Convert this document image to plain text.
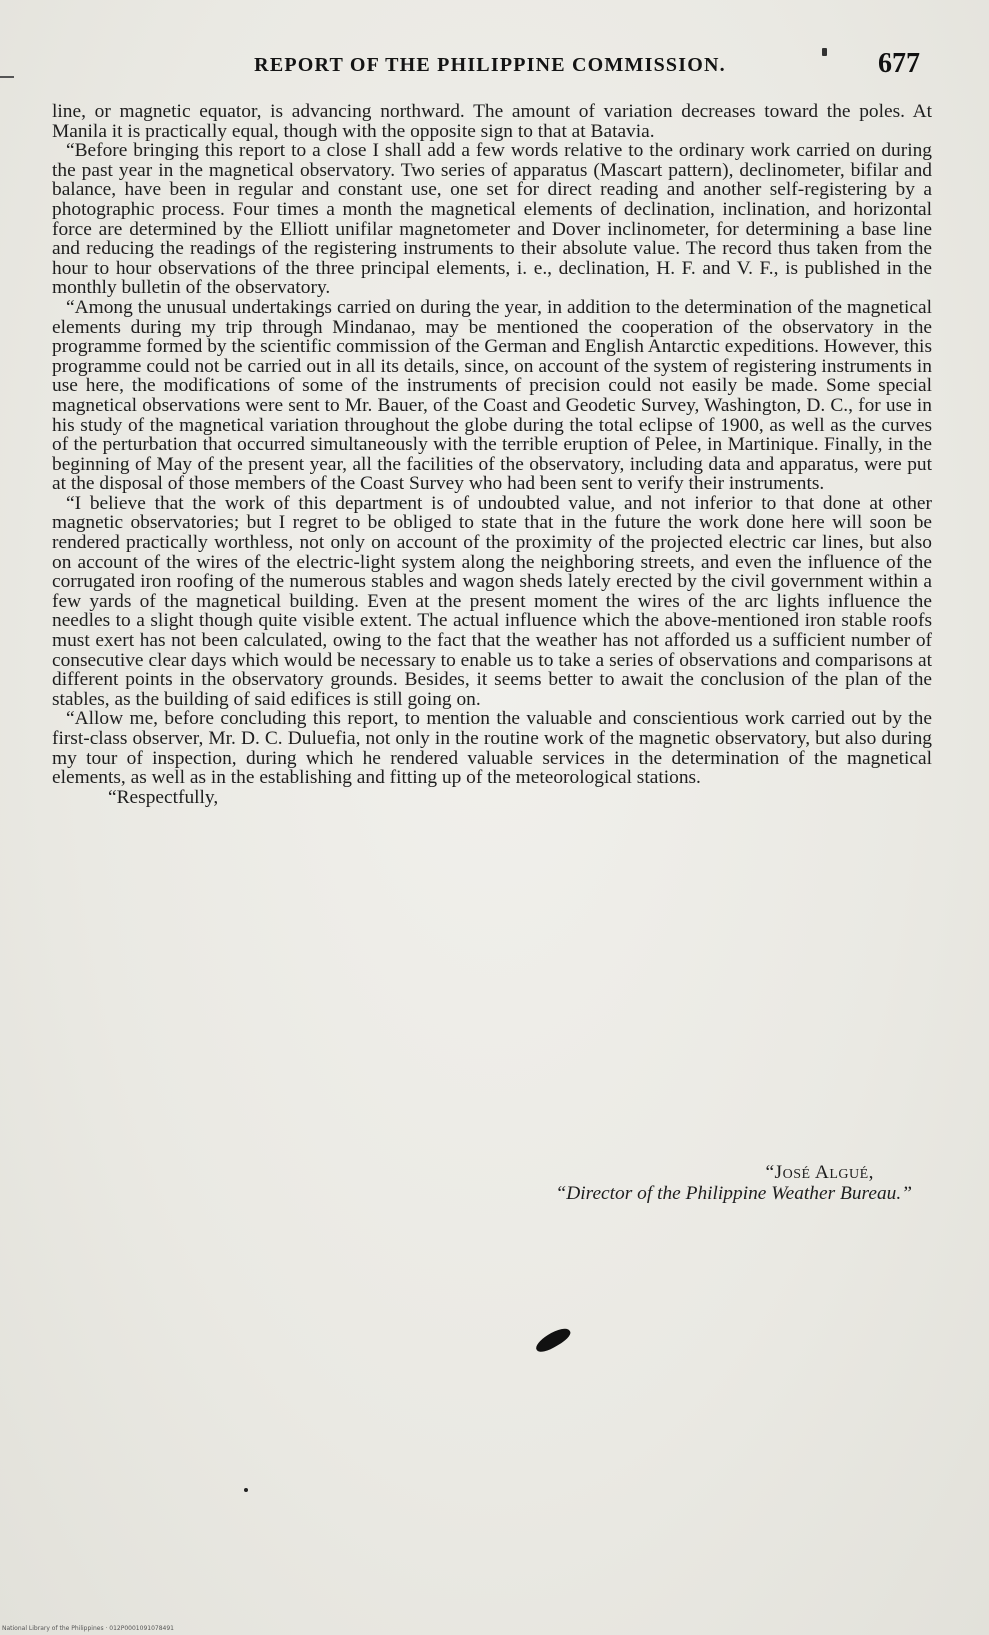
REPORT OF THE PHILIPPINE COMMISSION.	677

line, or magnetic equator, is advancing northward. The amount of variation decreases toward the poles. At Manila it is practically equal, though with the opposite sign to that at Batavia.

“Before bringing this report to a close I shall add a few words relative to the ordinary work carried on during the past year in the magnetical observatory. Two series of apparatus (Mascart pattern), declinometer, bifilar and balance, have been in regular and constant use, one set for direct reading and another self-registering by a photographic process. Four times a month the magnetical elements of declination, inclination, and horizontal force are determined by the Elliott unifilar magnetometer and Dover inclinometer, for determining a base line and reducing the readings of the registering instruments to their absolute value. The record thus taken from the hour to hour observations of the three principal elements, i. e., declination, H. F. and V. F., is published in the monthly bulletin of the observatory.

“Among the unusual undertakings carried on during the year, in addition to the determination of the magnetical elements during my trip through Mindanao, may be mentioned the cooperation of the observatory in the programme formed by the scientific commission of the German and English Antarctic expeditions. However, this programme could not be carried out in all its details, since, on account of the system of registering instruments in use here, the modifications of some of the instruments of precision could not easily be made. Some special magnetical observations were sent to Mr. Bauer, of the Coast and Geodetic Survey, Washington, D. C., for use in his study of the magnetical variation throughout the globe during the total eclipse of 1900, as well as the curves of the perturbation that occurred simultaneously with the terrible eruption of Pelee, in Martinique. Finally, in the beginning of May of the present year, all the facilities of the observatory, including data and apparatus, were put at the disposal of those members of the Coast Survey who had been sent to verify their instruments.

“I believe that the work of this department is of undoubted value, and not inferior to that done at other magnetic observatories; but I regret to be obliged to state that in the future the work done here will soon be rendered practically worthless, not only on account of the proximity of the projected electric car lines, but also on account of the wires of the electric-light system along the neighboring streets, and even the influence of the corrugated iron roofing of the numerous stables and wagon sheds lately erected by the civil government within a few yards of the magnetical building. Even at the present moment the wires of the arc lights influence the needles to a slight though quite visible extent. The actual influence which the above-mentioned iron stable roofs must exert has not been calculated, owing to the fact that the weather has not afforded us a sufficient number of consecutive clear days which would be necessary to enable us to take a series of observations and comparisons at different points in the observatory grounds. Besides, it seems better to await the conclusion of the plan of the stables, as the building of said edifices is still going on.

“Allow me, before concluding this report, to mention the valuable and conscientious work carried out by the first-class observer, Mr. D. C. Duluefia, not only in the routine work of the magnetic observatory, but also during my tour of inspection, during which he rendered valuable services in the determination of the magnetical elements, as well as in the establishing and fitting up of the meteorological stations.

“Respectfully,

“José Algué,
“Director of the Philippine Weather Bureau.”
National Library of the Philippines · 012P0001091078491
